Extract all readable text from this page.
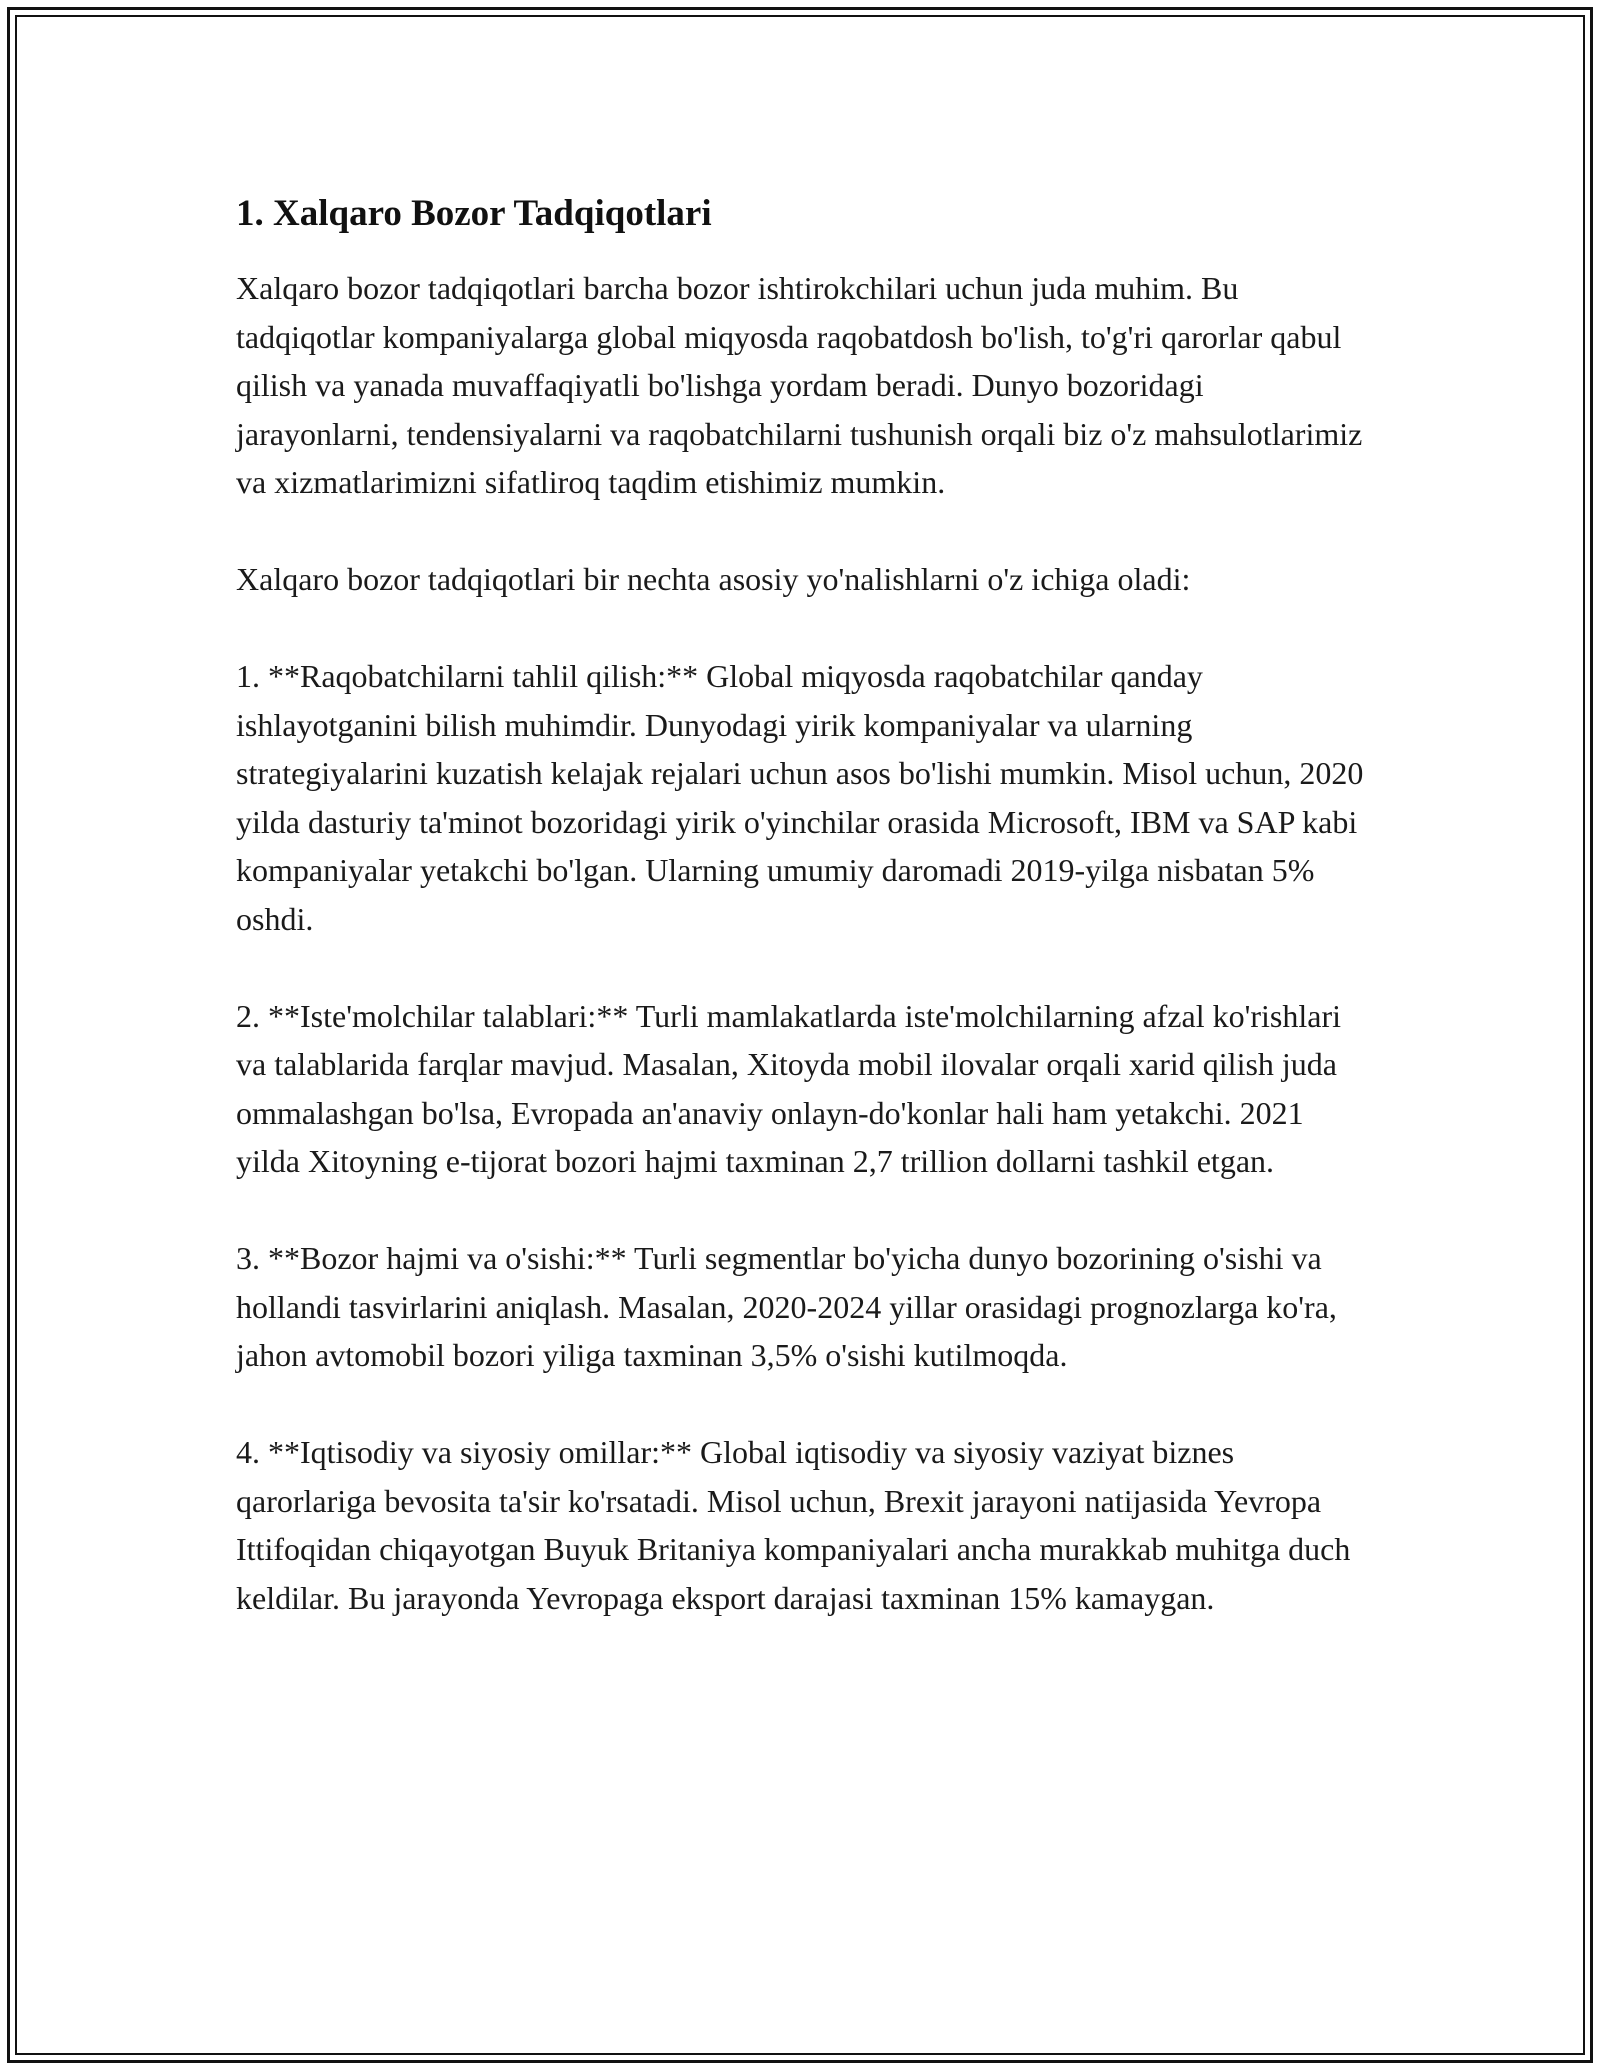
1. Xalqaro Bozor Tadqiqotlari

Xalqaro bozor tadqiqotlari barcha bozor ishtirokchilari uchun juda muhim. Bu tadqiqotlar kompaniyalarga global miqyosda raqobatdosh bo'lish, to'g'ri qarorlar qabul qilish va yanada muvaffaqiyatli bo'lishga yordam beradi. Dunyo bozoridagi jarayonlarni, tendensiyalarni va raqobatchilarni tushunish orqali biz o'z mahsulotlarimiz va xizmatlarimizni sifatliroq taqdim etishimiz mumkin.

Xalqaro bozor tadqiqotlari bir nechta asosiy yo'nalishlarni o'z ichiga oladi:

1. **Raqobatchilarni tahlil qilish:** Global miqyosda raqobatchilar qanday ishlayotganini bilish muhimdir. Dunyodagi yirik kompaniyalar va ularning strategiyalarini kuzatish kelajak rejalari uchun asos bo'lishi mumkin. Misol uchun, 2020 yilda dasturiy ta'minot bozoridagi yirik o'yinchilar orasida Microsoft, IBM va SAP kabi kompaniyalar yetakchi bo'lgan. Ularning umumiy daromadi 2019-yilga nisbatan 5% oshdi.

2. **Iste'molchilar talablari:** Turli mamlakatlarda iste'molchilarning afzal ko'rishlari va talablarida farqlar mavjud. Masalan, Xitoyda mobil ilovalar orqali xarid qilish juda ommalashgan bo'lsa, Evropada an'anaviy onlayn-do'konlar hali ham yetakchi. 2021 yilda Xitoyning e-tijorat bozori hajmi taxminan 2,7 trillion dollarni tashkil etgan.

3. **Bozor hajmi va o'sishi:** Turli segmentlar bo'yicha dunyo bozorining o'sishi va hollandi tasvirlarini aniqlash. Masalan, 2020-2024 yillar orasidagi prognozlarga ko'ra, jahon avtomobil bozori yiliga taxminan 3,5% o'sishi kutilmoqda.

4. **Iqtisodiy va siyosiy omillar:** Global iqtisodiy va siyosiy vaziyat biznes qarorlariga bevosita ta'sir ko'rsatadi. Misol uchun, Brexit jarayoni natijasida Yevropa Ittifoqidan chiqayotgan Buyuk Britaniya kompaniyalari ancha murakkab muhitga duch keldilar. Bu jarayonda Yevropaga eksport darajasi taxminan 15% kamaygan.
